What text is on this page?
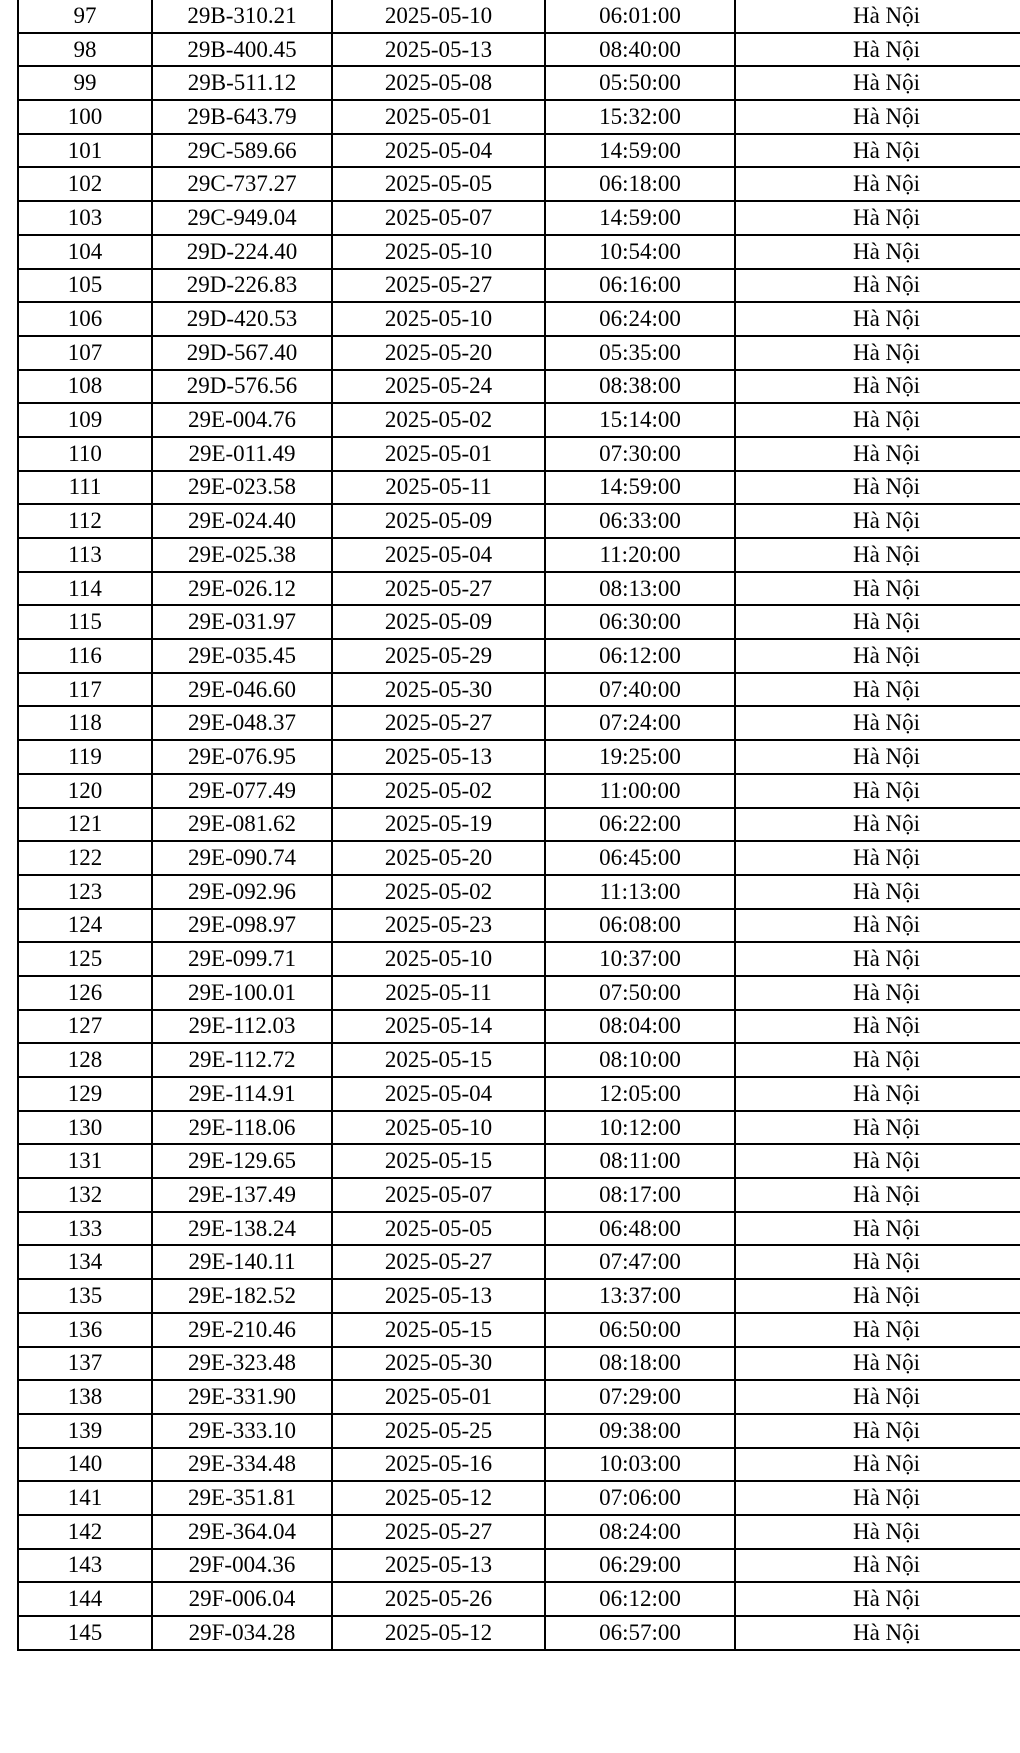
97	29B-310.21	2025-05-10	06:01:00	Hà Nội
98	29B-400.45	2025-05-13	08:40:00	Hà Nội
99	29B-511.12	2025-05-08	05:50:00	Hà Nội
100	29B-643.79	2025-05-01	15:32:00	Hà Nội
101	29C-589.66	2025-05-04	14:59:00	Hà Nội
102	29C-737.27	2025-05-05	06:18:00	Hà Nội
103	29C-949.04	2025-05-07	14:59:00	Hà Nội
104	29D-224.40	2025-05-10	10:54:00	Hà Nội
105	29D-226.83	2025-05-27	06:16:00	Hà Nội
106	29D-420.53	2025-05-10	06:24:00	Hà Nội
107	29D-567.40	2025-05-20	05:35:00	Hà Nội
108	29D-576.56	2025-05-24	08:38:00	Hà Nội
109	29E-004.76	2025-05-02	15:14:00	Hà Nội
110	29E-011.49	2025-05-01	07:30:00	Hà Nội
111	29E-023.58	2025-05-11	14:59:00	Hà Nội
112	29E-024.40	2025-05-09	06:33:00	Hà Nội
113	29E-025.38	2025-05-04	11:20:00	Hà Nội
114	29E-026.12	2025-05-27	08:13:00	Hà Nội
115	29E-031.97	2025-05-09	06:30:00	Hà Nội
116	29E-035.45	2025-05-29	06:12:00	Hà Nội
117	29E-046.60	2025-05-30	07:40:00	Hà Nội
118	29E-048.37	2025-05-27	07:24:00	Hà Nội
119	29E-076.95	2025-05-13	19:25:00	Hà Nội
120	29E-077.49	2025-05-02	11:00:00	Hà Nội
121	29E-081.62	2025-05-19	06:22:00	Hà Nội
122	29E-090.74	2025-05-20	06:45:00	Hà Nội
123	29E-092.96	2025-05-02	11:13:00	Hà Nội
124	29E-098.97	2025-05-23	06:08:00	Hà Nội
125	29E-099.71	2025-05-10	10:37:00	Hà Nội
126	29E-100.01	2025-05-11	07:50:00	Hà Nội
127	29E-112.03	2025-05-14	08:04:00	Hà Nội
128	29E-112.72	2025-05-15	08:10:00	Hà Nội
129	29E-114.91	2025-05-04	12:05:00	Hà Nội
130	29E-118.06	2025-05-10	10:12:00	Hà Nội
131	29E-129.65	2025-05-15	08:11:00	Hà Nội
132	29E-137.49	2025-05-07	08:17:00	Hà Nội
133	29E-138.24	2025-05-05	06:48:00	Hà Nội
134	29E-140.11	2025-05-27	07:47:00	Hà Nội
135	29E-182.52	2025-05-13	13:37:00	Hà Nội
136	29E-210.46	2025-05-15	06:50:00	Hà Nội
137	29E-323.48	2025-05-30	08:18:00	Hà Nội
138	29E-331.90	2025-05-01	07:29:00	Hà Nội
139	29E-333.10	2025-05-25	09:38:00	Hà Nội
140	29E-334.48	2025-05-16	10:03:00	Hà Nội
141	29E-351.81	2025-05-12	07:06:00	Hà Nội
142	29E-364.04	2025-05-27	08:24:00	Hà Nội
143	29F-004.36	2025-05-13	06:29:00	Hà Nội
144	29F-006.04	2025-05-26	06:12:00	Hà Nội
145	29F-034.28	2025-05-12	06:57:00	Hà Nội
